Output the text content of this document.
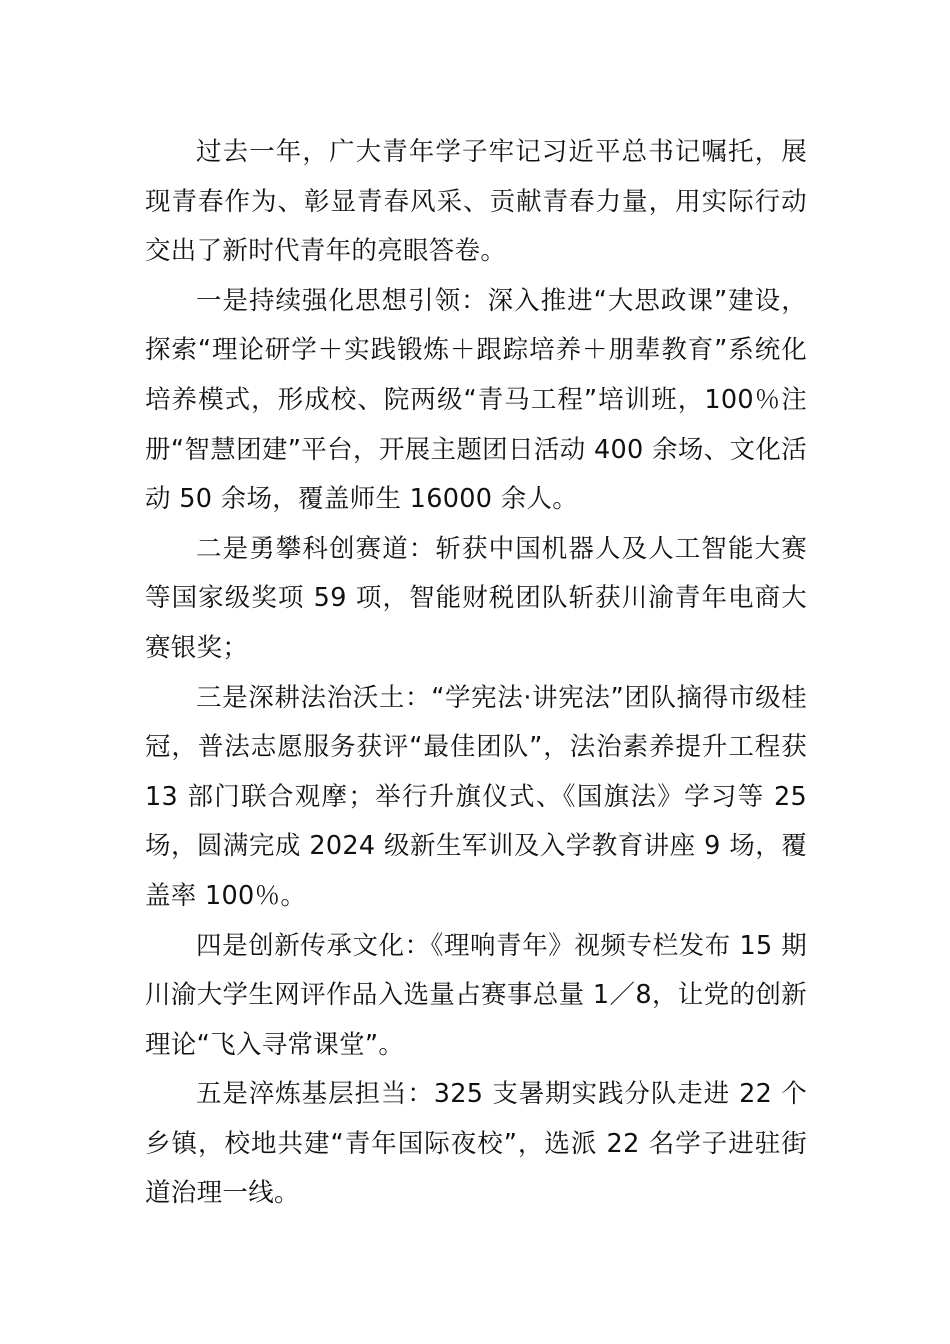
过去一年，广大青年学子牢记习近平总书记嘱托，展现青春作为、彰显青春风采、贡献青春力量，用实际行动交出了新时代青年的亮眼答卷。

一是持续强化思想引领：深入推进“大思政课”建设，探索“理论研学＋实践锻炼＋跟踪培养＋朋辈教育”系统化培养模式，形成校、院两级“青马工程”培训班，100％注册“智慧团建”平台，开展主题团日活动 400 余场、文化活动 50 余场，覆盖师生 16000 余人。

二是勇攀科创赛道：斩获中国机器人及人工智能大赛等国家级奖项 59 项，智能财税团队斩获川渝青年电商大赛银奖；

三是深耕法治沃土：“学宪法·讲宪法”团队摘得市级桂冠，普法志愿服务获评“最佳团队”，法治素养提升工程获 13 部门联合观摩；举行升旗仪式、《国旗法》学习等 25 场，圆满完成 2024 级新生军训及入学教育讲座 9 场，覆盖率 100％。

四是创新传承文化：《理响青年》视频专栏发布 15 期川渝大学生网评作品入选量占赛事总量 1／8，让党的创新理论“飞入寻常课堂”。

五是淬炼基层担当：325 支暑期实践分队走进 22 个乡镇，校地共建“青年国际夜校”，选派 22 名学子进驻街道治理一线。
